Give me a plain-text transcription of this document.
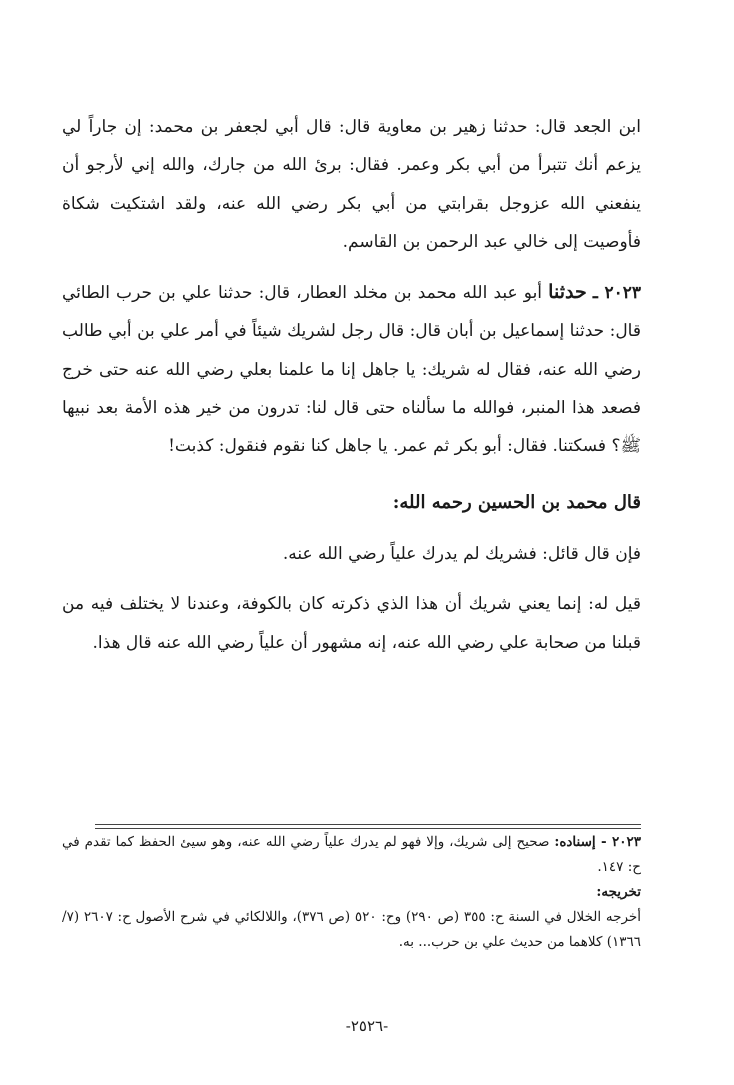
ابن الجعد قال: حدثنا زهير بن معاوية قال: قال أبي لجعفر بن محمد: إن جاراً لي يزعم أنك تتبرأ من أبي بكر وعمر. فقال: برئ الله من جارك، والله إني لأرجو أن ينفعني الله عزوجل بقرابتي من أبي بكر رضي الله عنه، ولقد اشتكيت شكاة فأوصيت إلى خالي عبد الرحمن بن القاسم.

٢٠٢٣ ـ حدثنا أبو عبد الله محمد بن مخلد العطار، قال: حدثنا علي بن حرب الطائي قال: حدثنا إسماعيل بن أبان قال: قال رجل لشريك شيئاً في أمر علي بن أبي طالب رضي الله عنه، فقال له شريك: يا جاهل إنا ما علمنا بعلي رضي الله عنه حتى خرج فصعد هذا المنبر، فوالله ما سألناه حتى قال لنا: تدرون من خير هذه الأمة بعد نبيها ﷺ؟ فسكتنا. فقال: أبو بكر ثم عمر. يا جاهل كنا نقوم فنقول: كذبت!

قال محمد بن الحسين رحمه الله:

فإن قال قائل: فشريك لم يدرك علياً رضي الله عنه.

قيل له: إنما يعني شريك أن هذا الذي ذكرته كان بالكوفة، وعندنا لا يختلف فيه من قبلنا من صحابة علي رضي الله عنه، إنه مشهور أن علياً رضي الله عنه قال هذا.

٢٠٢٣ - إسناده: صحيح إلى شريك، وإلا فهو لم يدرك علياً رضي الله عنه، وهو سيئ الحفظ كما تقدم في ح: ١٤٧.

تخريجه:

أخرجه الخلال في السنة ح: ٣٥٥ (ص ٢٩٠) وح: ٥٢٠ (ص ٣٧٦)، واللالكائي في شرح الأصول ح: ٢٦٠٧ (٧/ ١٣٦٦) كلاهما من حديث علي بن حرب... به.

-٢٥٢٦-
